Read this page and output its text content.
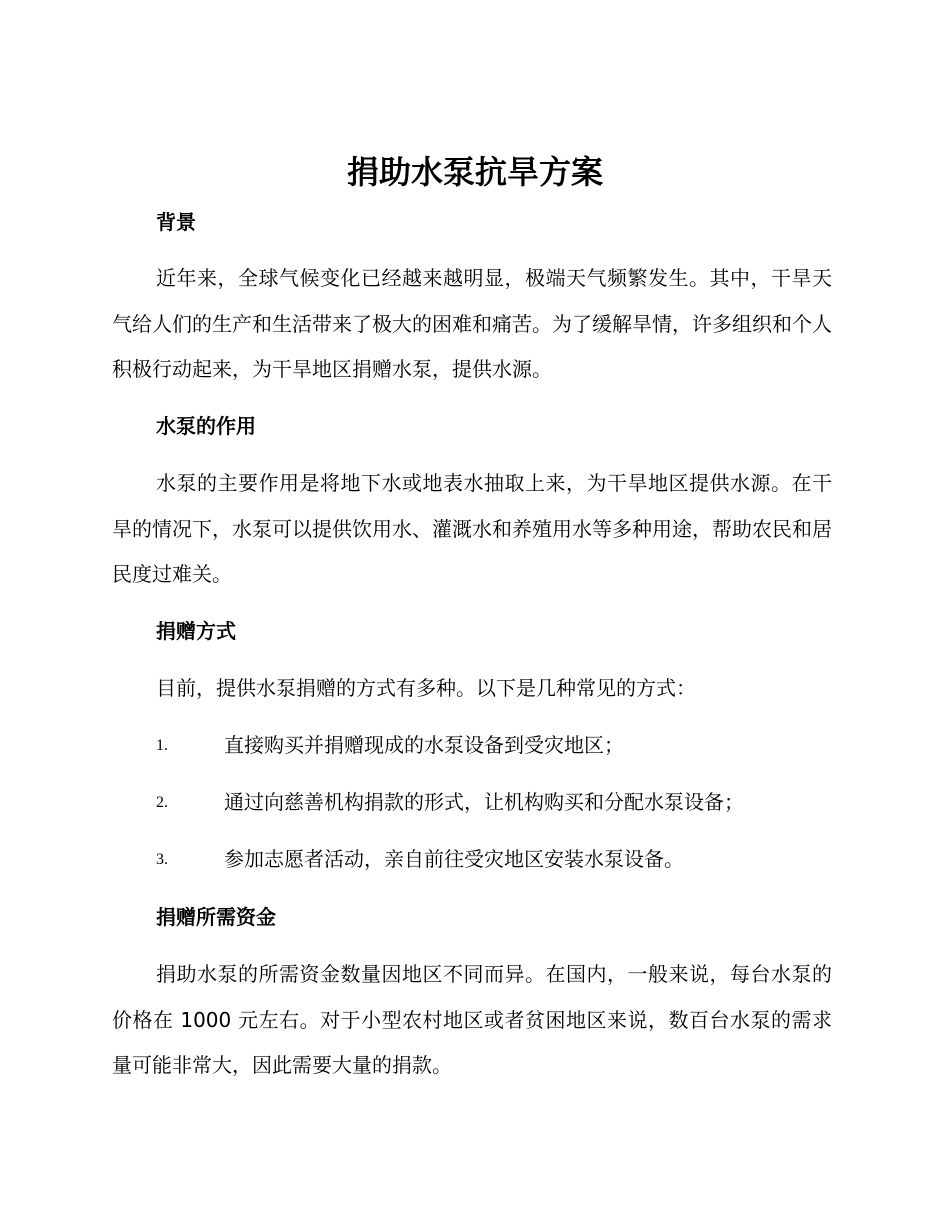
捐助水泵抗旱方案
背景
近年来，全球气候变化已经越来越明显，极端天气频繁发生。其中，干旱天气给人们的生产和生活带来了极大的困难和痛苦。为了缓解旱情，许多组织和个人积极行动起来，为干旱地区捐赠水泵，提供水源。
水泵的作用
水泵的主要作用是将地下水或地表水抽取上来，为干旱地区提供水源。在干旱的情况下，水泵可以提供饮用水、灌溉水和养殖用水等多种用途，帮助农民和居民度过难关。
捐赠方式
目前，提供水泵捐赠的方式有多种。以下是几种常见的方式：
1.	直接购买并捐赠现成的水泵设备到受灾地区；
2.	通过向慈善机构捐款的形式，让机构购买和分配水泵设备；
3.	参加志愿者活动，亲自前往受灾地区安装水泵设备。
捐赠所需资金
捐助水泵的所需资金数量因地区不同而异。在国内，一般来说，每台水泵的价格在 1000 元左右。对于小型农村地区或者贫困地区来说，数百台水泵的需求量可能非常大，因此需要大量的捐款。
